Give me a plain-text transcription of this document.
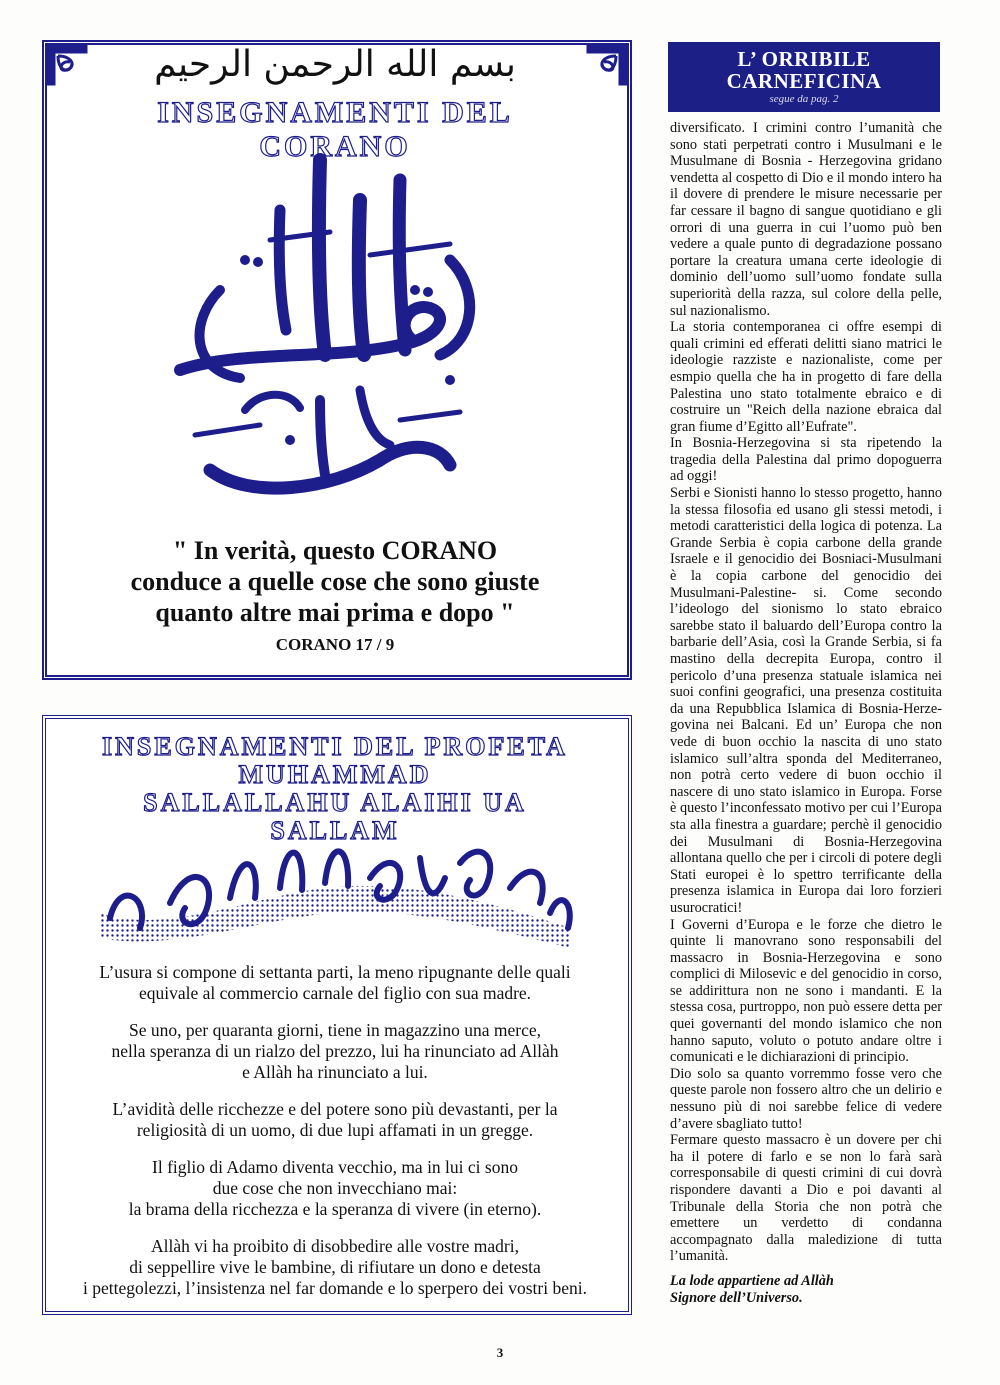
بسم الله الرحمن الرحيم
INSEGNAMENTI DEL CORANO
" In verità, questo CORANO
conduce a quelle cose che sono giuste
quanto altre mai prima e dopo "
CORANO 17 / 9
INSEGNAMENTI DEL PROFETA
MUHAMMAD
SALLALLAHU ALAIHI UA SALLAM

L’usura si compone di settanta parti, la meno ripugnante delle quali
equivale al commercio carnale del figlio con sua madre.

Se uno, per quaranta giorni, tiene in magazzino una merce,
nella speranza di un rialzo del prezzo, lui ha rinunciato ad Allàh
e Allàh ha rinunciato a lui.

L’avidità delle ricchezze e del potere sono più devastanti, per la
religiosità di un uomo, di due lupi affamati in un gregge.

Il figlio di Adamo diventa vecchio, ma in lui ci sono
due cose che non invecchiano mai:
la brama della ricchezza e la speranza di vivere (in eterno).

Allàh vi ha proibito di disobbedire alle vostre madri,
di seppellire vive le bambine, di rifiutare un dono e detesta
i pettegolezzi, l’insistenza nel far domande e lo sperpero dei vostri beni.

L’ ORRIBILE
CARNEFICINA
segue da pag. 2

diversificato. I crimini contro l’umanità che sono stati perpetrati contro i Musulmani e le Musulmane di Bosnia - Herzegovina gridano vendetta al cospetto di Dio e il mondo intero ha il dovere di prendere le misure necessarie per far cessare il bagno di sangue quotidiano e gli orrori di una guerra in cui l’uomo può ben vedere a quale punto di degradazione possano portare la creatura umana certe ideologie di dominio dell’uomo sull’uomo fondate sulla superiorità della razza, sul colore della pelle, sul nazionalismo.

La storia contemporanea ci offre esempi di quali crimini ed efferati delitti siano matrici le ideologie razziste e nazionaliste, come per esmpio quella che ha in progetto di fare della Palestina uno stato totalmente ebraico e di costruire un "Reich della nazione ebraica dal gran fiume d’Egitto all’Eufrate".

In Bosnia-Herzegovina si sta ripetendo la tragedia della Palestina dal primo dopoguerra ad oggi!

Serbi e Sionisti hanno lo stesso progetto, hanno la stessa filosofia ed usano gli stessi metodi, i metodi caratteristici della logica di potenza. La Grande Serbia è copia carbone della grande Israele e il genocidio dei Bosniaci-Musulmani è la copia carbone del genocidio dei Musulmani-Palestine- si. Come secondo l’ideologo del sionismo lo stato ebraico sarebbe stato il baluardo dell’Europa contro la barbarie dell’Asia, così la Grande Serbia, si fa mastino della decrepita Europa, contro il pericolo d’una presenza statuale islamica nei suoi confini geografici, una presenza costituita da una Repubblica Islamica di Bosnia-Herze- govina nei Balcani. Ed un’ Europa che non vede di buon occhio la nascita di uno stato islamico sull’altra sponda del Mediterraneo, non potrà certo vedere di buon occhio il nascere di uno stato islamico in Europa. Forse è questo l’inconfessato motivo per cui l’Europa sta alla finestra a guardare; perchè il genocidio dei Musulmani di Bosnia-Herzegovina allontana quello che per i circoli di potere degli Stati europei è lo spettro terrificante della presenza islamica in Europa dai loro forzieri usurocratici!

I Governi d’Europa e le forze che dietro le quinte li manovrano sono responsabili del massacro in Bosnia-Herzegovina e sono complici di Milosevic e del genocidio in corso, se addirittura non ne sono i mandanti. E la stessa cosa, purtroppo, non può essere detta per quei governanti del mondo islamico che non hanno saputo, voluto o potuto andare oltre i comunicati e le dichiarazioni di principio.

Dio solo sa quanto vorremmo fosse vero che queste parole non fossero altro che un delirio e nessuno più di noi sarebbe felice di vedere d’avere sbagliato tutto!

Fermare questo massacro è un dovere per chi ha il potere di farlo e se non lo farà sarà corresponsabile di questi crimini di cui dovrà rispondere davanti a Dio e poi davanti al Tribunale della Storia che non potrà che emettere un verdetto di condanna accompagnato dalla maledizione di tutta l’umanità.

La lode appartiene ad Allàh
Signore dell’Universo.
3
